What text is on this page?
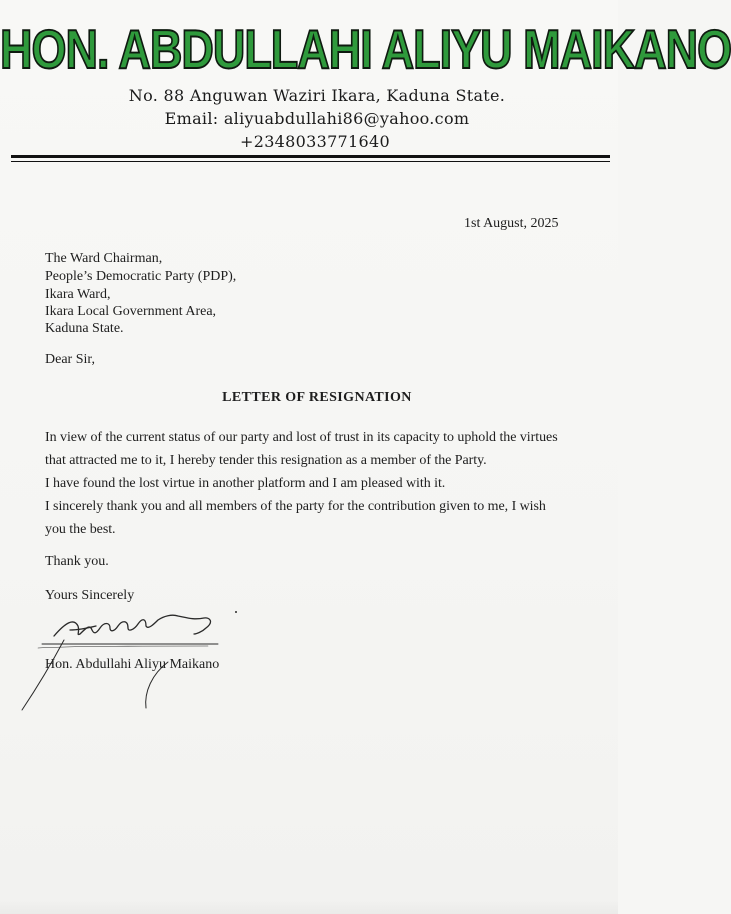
HON. ABDULLAHI ALIYU MAIKANO
No. 88 Anguwan Waziri Ikara, Kaduna State.
Email: aliyuabdullahi86@yahoo.com
+2348033771640
1st August, 2025
The Ward Chairman,
People’s Democratic Party (PDP),
Ikara Ward,
Ikara Local Government Area,
Kaduna State.
Dear Sir,
LETTER OF RESIGNATION
In view of the current status of our party and lost of trust in its capacity to uphold the virtues
that attracted me to it, I hereby tender this resignation as a member of the Party.
I have found the lost virtue in another platform and I am pleased with it.
I sincerely thank you and all members of the party for the contribution given to me, I wish
you the best.
Thank you.
Yours Sincerely
Hon. Abdullahi Aliyu Maikano
